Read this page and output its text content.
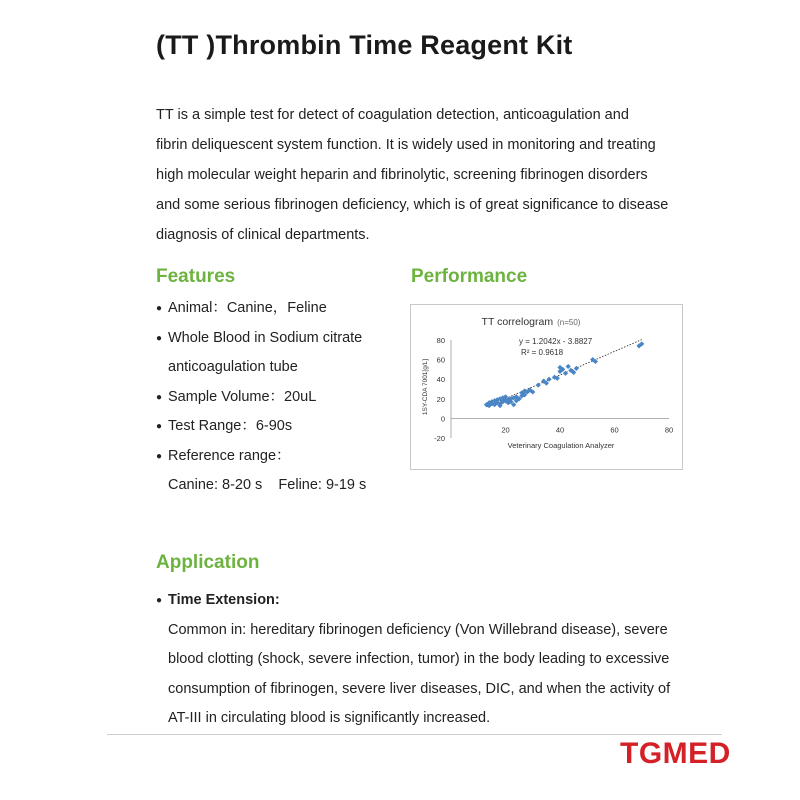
(TT )Thrombin Time Reagent Kit
TT is a simple test for detect of coagulation detection, anticoagulation and
fibrin deliquescent system function. It is widely used in monitoring and treating
high molecular weight heparin and fibrinolytic, screening fibrinogen disorders
and some serious fibrinogen deficiency, which is of great significance to disease
diagnosis of clinical departments.
Features
● Animal：Canine，Feline
● Whole Blood in Sodium citrate
anticoagulation tube
● Sample Volume：20uL
● Test Range：6-90s
● Reference range：
Canine: 8-20 s    Feline: 9-19 s
Performance
TT correlogram (n=50)
y = 1.2042x - 3.8827
R² = 0.9618
1SY-CDA 7001[g/L]
Veterinary Coagulation Analyzer
80
60
40
20
0
-20
20	40	60	80
Application
● Time Extension:
Common in: hereditary fibrinogen deficiency (Von Willebrand disease), severe
blood clotting (shock, severe infection, tumor) in the body leading to excessive
consumption of fibrinogen, severe liver diseases, DIC, and when the activity of
AT-III in circulating blood is significantly increased.
TGMED
